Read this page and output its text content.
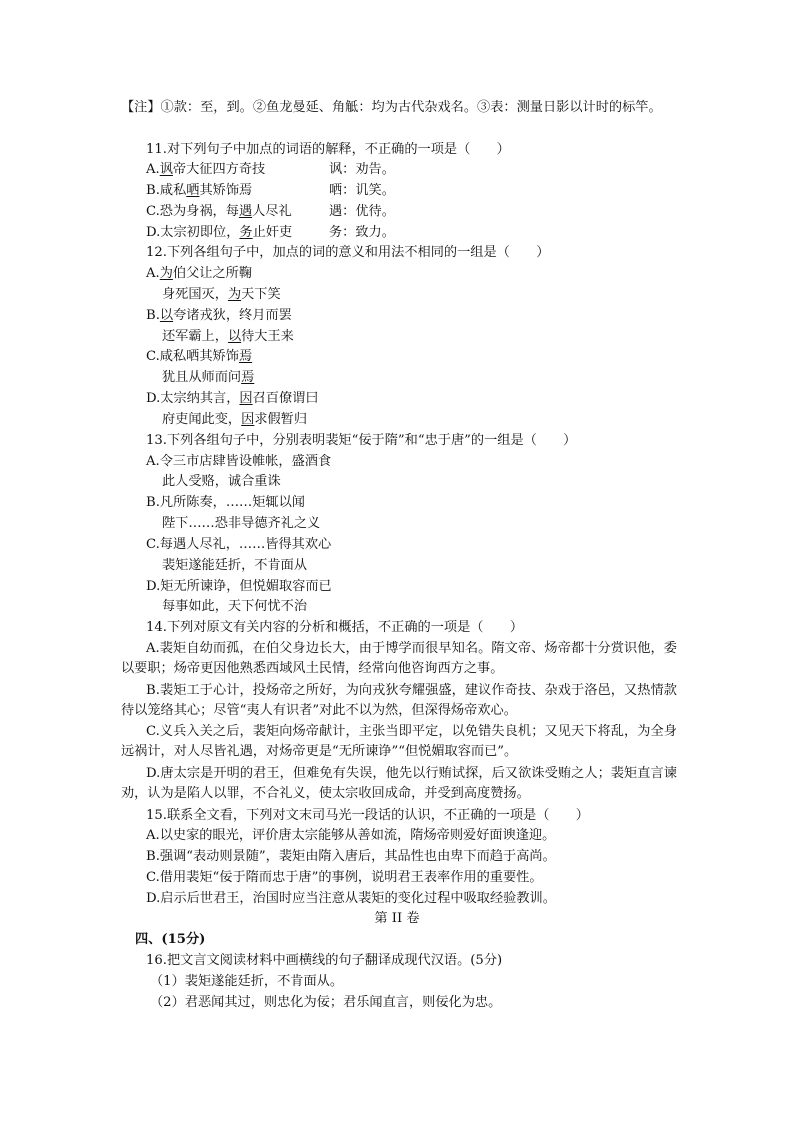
【注】①款：至，到。②鱼龙曼延、角觝：均为古代杂戏名。③表：测量日影以计时的标竿。
11.对下列句子中加点的词语的解释，不正确的一项是（　　）
A.讽帝大征四方奇技	讽：劝告。
B.咸私哂其矫饰焉	哂：讥笑。
C.恐为身祸，每遇人尽礼	遇：优待。
D.太宗初即位，务止奸吏	务：致力。
12.下列各组句子中，加点的词的意义和用法不相同的一组是（　　）
A.为伯父让之所鞠
身死国灭，为天下笑
B.以夸诸戎狄，终月而罢
还军霸上，以待大王来
C.咸私哂其矫饰焉
犹且从师而问焉
D.太宗纳其言，因召百僚谓曰
府吏闻此变，因求假暂归
13.下列各组句子中，分别表明裴矩“佞于隋”和“忠于唐”的一组是（　　）
A.令三市店肆皆设帷帐，盛酒食
此人受赂，诚合重诛
B.凡所陈奏，……矩辄以闻
陛下……恐非导德齐礼之义
C.每遇人尽礼，……皆得其欢心
裴矩遂能廷折，不肯面从
D.矩无所谏诤，但悦媚取容而已
每事如此，天下何忧不治
14.下列对原文有关内容的分析和概括，不正确的一项是（　　）
A.裴矩自幼而孤，在伯父身边长大，由于博学而很早知名。隋文帝、炀帝都十分赏识他，委以要职；炀帝更因他熟悉西域风土民情，经常向他咨询西方之事。
B.裴矩工于心计，投炀帝之所好，为向戎狄夸耀强盛，建议作奇技、杂戏于洛邑，又热情款待以笼络其心；尽管“夷人有识者”对此不以为然，但深得炀帝欢心。
C.义兵入关之后，裴矩向炀帝献计，主张当即平定，以免错失良机；又见天下将乱，为全身远祸计，对人尽皆礼遇，对炀帝更是“无所谏诤”“但悦媚取容而已”。
D.唐太宗是开明的君王，但难免有失误，他先以行贿试探，后又欲诛受贿之人；裴矩直言谏劝，认为是陷人以罪，不合礼义，使太宗收回成命，并受到高度赞扬。
15.联系全文看，下列对文末司马光一段话的认识，不正确的一项是（　　）
A.以史家的眼光，评价唐太宗能够从善如流，隋炀帝则爱好面谀逢迎。
B.强调“表动则景随”，裴矩由隋入唐后，其品性也由卑下而趋于高尚。
C.借用裴矩“佞于隋而忠于唐”的事例，说明君王表率作用的重要性。
D.启示后世君王，治国时应当注意从裴矩的变化过程中吸取经验教训。
第 II 卷
四、(15分)
16.把文言文阅读材料中画横线的句子翻译成现代汉语。(5分)
（1）裴矩遂能廷折，不肯面从。
（2）君恶闻其过，则忠化为佞；君乐闻直言，则佞化为忠。
